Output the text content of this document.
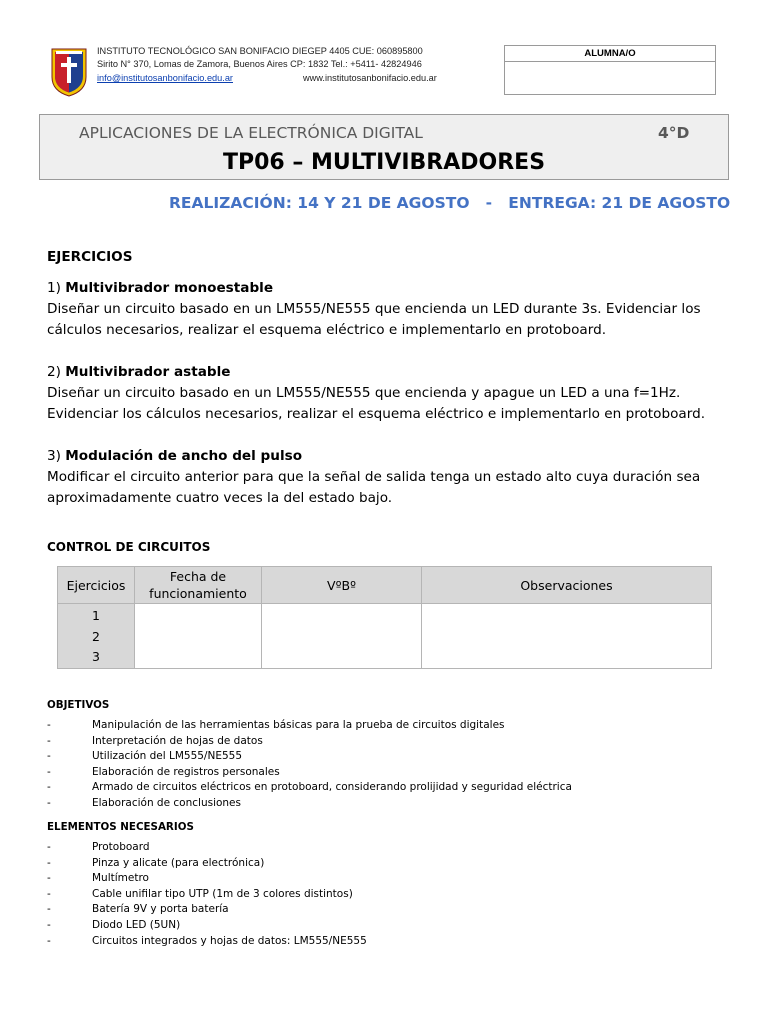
INSTITUTO TECNOLÓGICO SAN BONIFACIO DIEGEP 4405 CUE: 060895800
Sirito N° 370, Lomas de Zamora, Buenos Aires CP: 1832 Tel.: +5411- 42824946
info@institutosanbonifacio.edu.ar	www.institutosanbonifacio.edu.ar
ALUMNA/O
APLICACIONES DE LA ELECTRÓNICA DIGITAL	4°D
TP06 – MULTIVIBRADORES
REALIZACIÓN: 14 Y 21 DE AGOSTO   -   ENTREGA: 21 DE AGOSTO
EJERCICIOS
1) Multivibrador monoestable
Diseñar un circuito basado en un LM555/NE555 que encienda un LED durante 3s. Evidenciar los
cálculos necesarios, realizar el esquema eléctrico e implementarlo en protoboard.
2) Multivibrador astable
Diseñar un circuito basado en un LM555/NE555 que encienda y apague un LED a una f=1Hz.
Evidenciar los cálculos necesarios, realizar el esquema eléctrico e implementarlo en protoboard.
3) Modulación de ancho del pulso
Modificar el circuito anterior para que la señal de salida tenga un estado alto cuya duración sea
aproximadamente cuatro veces la del estado bajo.
CONTROL DE CIRCUITOS
Ejercicios	Fecha de funcionamiento	VºBº	Observaciones

1
2
3			

OBJETIVOS
-	Manipulación de las herramientas básicas para la prueba de circuitos digitales
-	Interpretación de hojas de datos
-	Utilización del LM555/NE555
-	Elaboración de registros personales
-	Armado de circuitos eléctricos en protoboard, considerando prolijidad y seguridad eléctrica
-	Elaboración de conclusiones
ELEMENTOS NECESARIOS
-	Protoboard
-	Pinza y alicate (para electrónica)
-	Multímetro
-	Cable unifilar tipo UTP (1m de 3 colores distintos)
-	Batería 9V y porta batería
-	Diodo LED (5UN)
-	Circuitos integrados y hojas de datos: LM555/NE555
